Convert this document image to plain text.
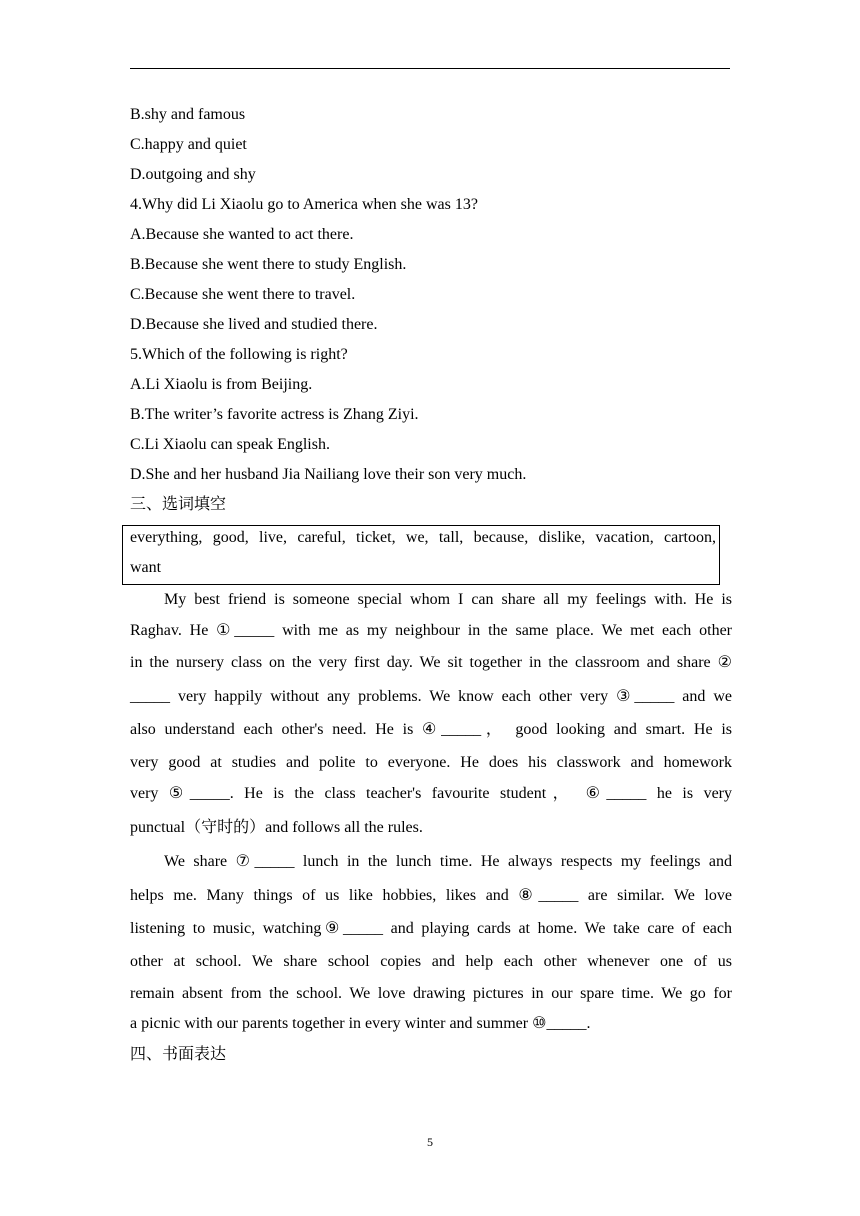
B.shy and famous
C.happy and quiet
D.outgoing and shy
4.Why did Li Xiaolu go to America when she was 13?
A.Because she wanted to act there.
B.Because she went there to study English.
C.Because she went there to travel.
D.Because she lived and studied there.
5.Which of the following is right?
A.Li Xiaolu is from Beijing.
B.The writer’s favorite actress is Zhang Ziyi.
C.Li Xiaolu can speak English.
D.She and her husband Jia Nailiang love their son very much.
三、选词填空
everything, good, live, careful, ticket, we, tall, because, dislike, vacation, cartoon,
want
My best friend is someone special whom I can share all my feelings with. He is
Raghav. He ①_____ with me as my neighbour in the same place. We met each other
in the nursery class on the very first day. We sit together in the classroom and share ②
_____ very happily without any problems. We know each other very ③_____ and we
also understand each other's need. He is ④_____， good looking and smart. He is
very good at studies and polite to everyone. He does his classwork and homework
very ⑤_____. He is the class teacher's favourite student， ⑥_____ he is very
punctual（守时的）and follows all the rules.
We share ⑦_____ lunch in the lunch time. He always respects my feelings and
helps me. Many things of us like hobbies, likes and ⑧_____ are similar. We love
listening to music, watching⑨_____ and playing cards at home. We take care of each
other at school. We share school copies and help each other whenever one of us
remain absent from the school. We love drawing pictures in our spare time. We go for
a picnic with our parents together in every winter and summer ⑩_____.
四、书面表达
5
